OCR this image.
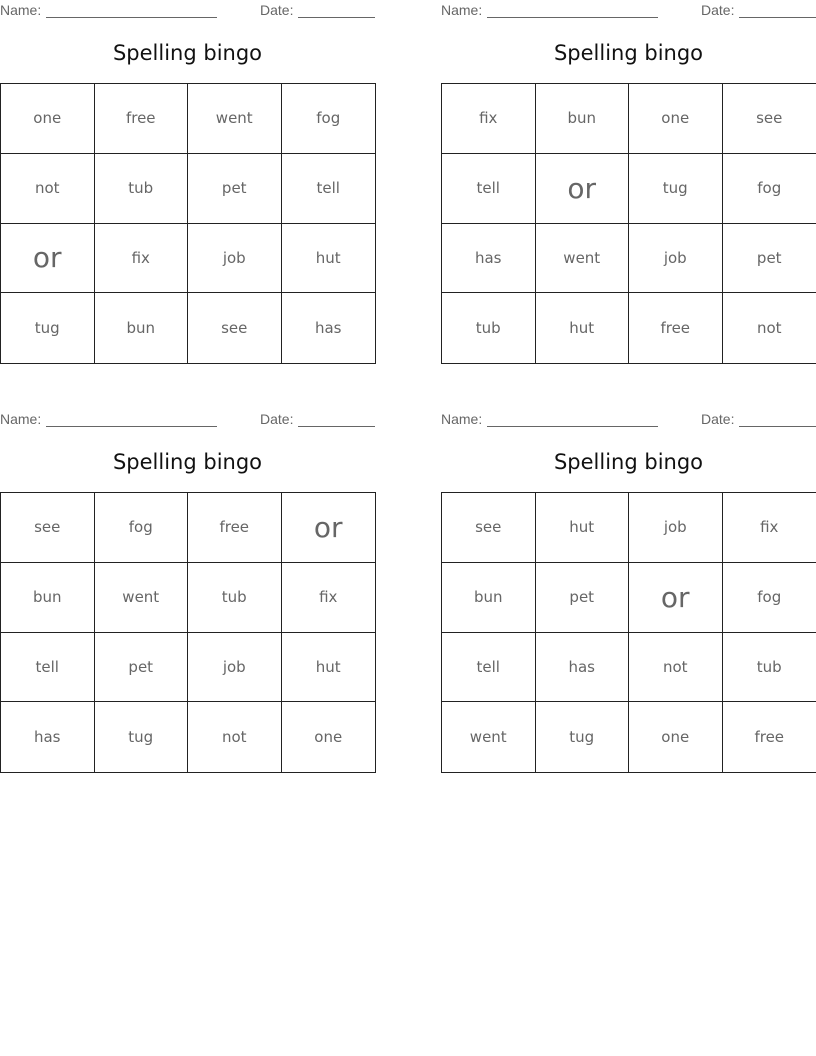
Name:	Date:
Spelling bingo
one	free	went	fog
not	tub	pet	tell
or	fix	job	hut
tug	bun	see	has
Name:	Date:
Spelling bingo
fix	bun	one	see
tell	or	tug	fog
has	went	job	pet
tub	hut	free	not
Name:	Date:
Spelling bingo
see	fog	free	or
bun	went	tub	fix
tell	pet	job	hut
has	tug	not	one
Name:	Date:
Spelling bingo
see	hut	job	fix
bun	pet	or	fog
tell	has	not	tub
went	tug	one	free
